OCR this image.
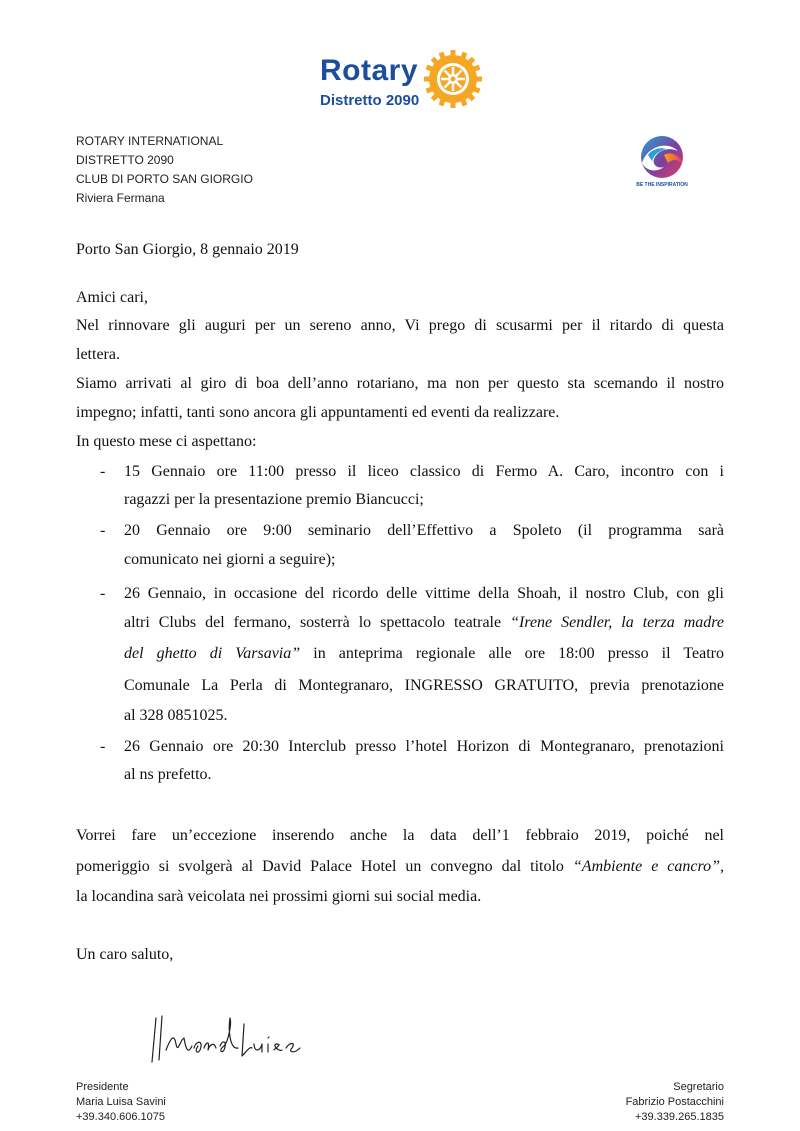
Rotary
Distretto 2090
ROTARY INTERNATIONAL
DISTRETTO 2090
CLUB DI PORTO SAN GIORGIO
Riviera Fermana
BE THE INSPIRATION
Porto San Giorgio, 8 gennaio 2019
Amici cari,
Nel rinnovare gli auguri per un sereno anno, Vi prego di scusarmi per il ritardo di questa
lettera.
Siamo arrivati al giro di boa dell’anno rotariano, ma non per questo sta scemando il nostro
impegno; infatti, tanti sono ancora gli appuntamenti ed eventi da realizzare.
In questo mese ci aspettano:
- 15 Gennaio ore 11:00 presso il liceo classico di Fermo A. Caro, incontro con i
ragazzi per la presentazione premio Biancucci;
- 20 Gennaio ore 9:00 seminario dell’Effettivo a Spoleto (il programma sarà
comunicato nei giorni a seguire);
- 26 Gennaio, in occasione del ricordo delle vittime della Shoah, il nostro Club, con gli
altri Clubs del fermano, sosterrà lo spettacolo teatrale “Irene Sendler, la terza madre
del ghetto di Varsavia” in anteprima regionale alle ore 18:00 presso il Teatro
Comunale La Perla di Montegranaro, INGRESSO GRATUITO, previa prenotazione
al 328 0851025.
- 26 Gennaio ore 20:30 Interclub presso l’hotel Horizon di Montegranaro, prenotazioni
al ns prefetto.
Vorrei fare un’eccezione inserendo anche la data dell’1 febbraio 2019, poiché nel
pomeriggio si svolgerà al David Palace Hotel un convegno dal titolo “Ambiente e cancro”,
la locandina sarà veicolata nei prossimi giorni sui social media.
Un caro saluto,
Presidente
Maria Luisa Savini
+39.340.606.1075
Segretario
Fabrizio Postacchini
+39.339.265.1835
